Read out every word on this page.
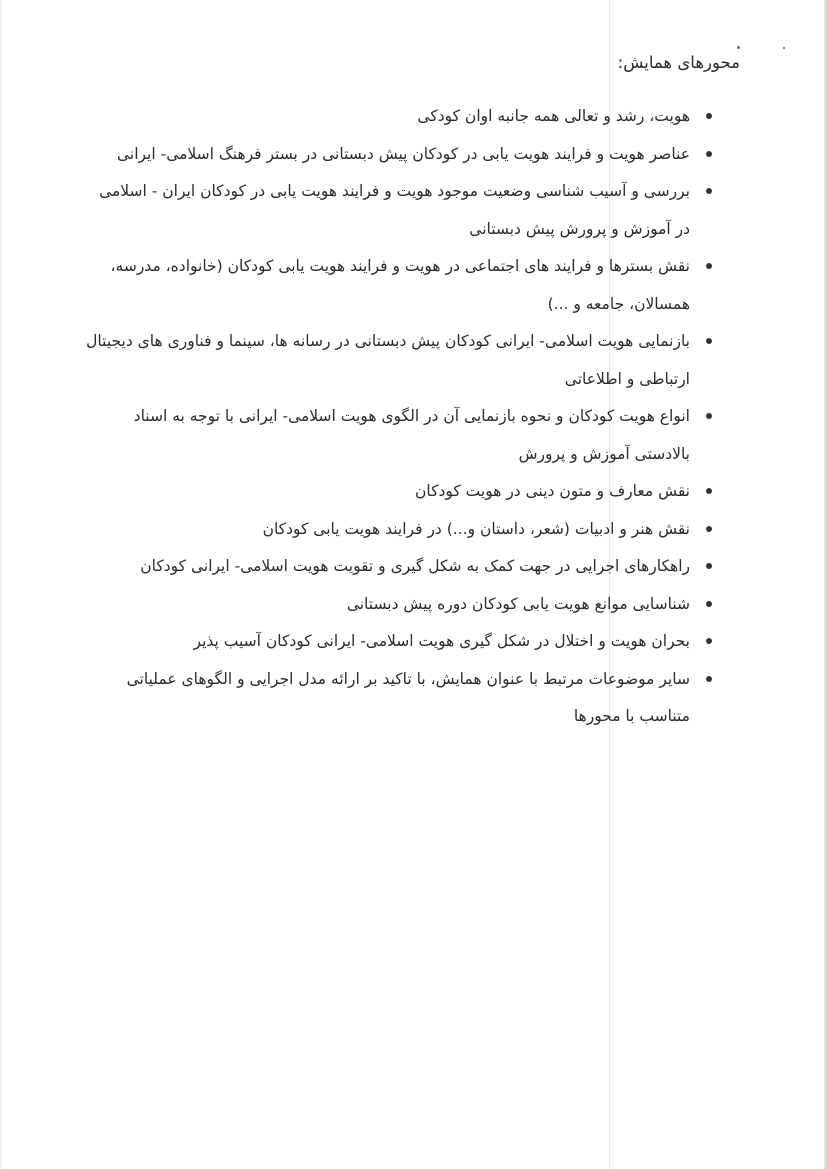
محورهای همایش:
هویت، رشد و تعالی همه جانبه اوان کودکی
عناصر هویت و فرایند هویت یابی در کودکان پیش دبستانی در بستر فرهنگ اسلامی- ایرانی
بررسی و آسیب شناسی وضعیت موجود هویت و فرایند هویت یابی در کودکان ایران - اسلامی در آموزش و پرورش پیش دبستانی
نقش بسترها و فرایند های اجتماعی در هویت و فرایند هویت یابی کودکان (خانواده، مدرسه، همسالان، جامعه و ...)
بازنمایی هویت اسلامی- ایرانی کودکان پیش دبستانی در رسانه ها، سینما و فناوری های دیجیتال ارتباطی و اطلاعاتی
انواع هویت کودکان و نحوه بازنمایی آن در الگوی هویت اسلامی- ایرانی با توجه به اسناد بالادستی آموزش و پرورش
نقش معارف و متون دینی در هویت کودکان
نقش هنر و ادبیات (شعر، داستان و...) در فرایند هویت یابی کودکان
راهکارهای اجرایی در جهت کمک به شکل گیری و تقویت هویت اسلامی- ایرانی کودکان
شناسایی موانع هویت یابی کودکان دوره پیش دبستانی
بحران هویت و اختلال در شکل گیری هویت اسلامی- ایرانی کودکان آسیب پذیر
سایر موضوعات مرتبط با عنوان همایش، با تاکید بر ارائه مدل اجرایی و الگوهای عملیاتی متناسب با محورها
